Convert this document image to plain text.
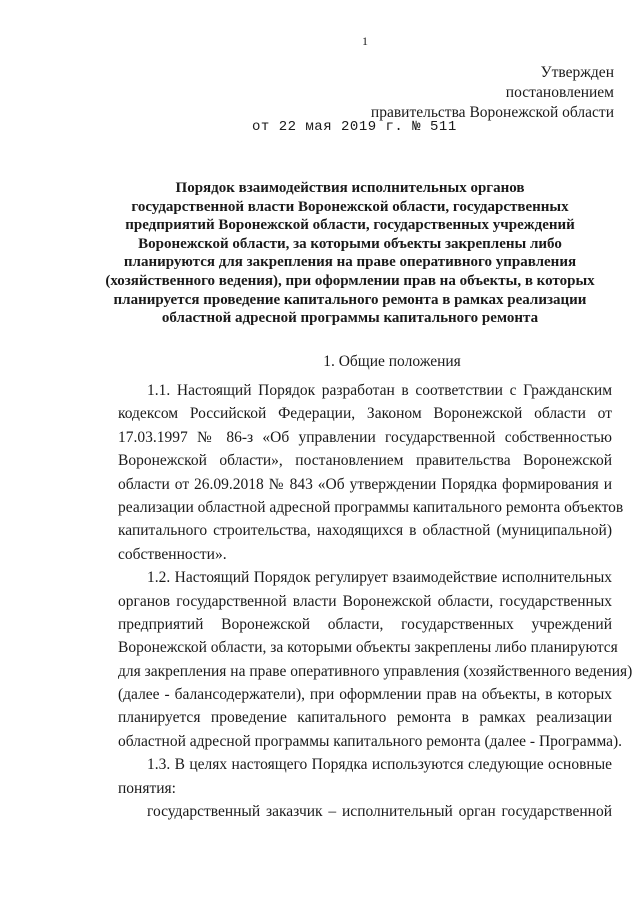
1
Утвержден
постановлением
правительства Воронежской области
от 22 мая 2019 г. № 511
Порядок взаимодействия исполнительных органов
государственной власти Воронежской области, государственных
предприятий Воронежской области, государственных учреждений
Воронежской области, за которыми объекты закреплены либо
планируются для закрепления на праве оперативного управления
(хозяйственного ведения), при оформлении прав на объекты, в которых
планируется проведение капитального ремонта в рамках реализации
областной адресной программы капитального ремонта
1. Общие положения
1.1. Настоящий Порядок разработан в соответствии с Гражданским
кодексом Российской Федерации, Законом Воронежской области от
17.03.1997 № 86-з «Об управлении государственной собственностью
Воронежской области», постановлением правительства Воронежской
области от 26.09.2018 № 843 «Об утверждении Порядка формирования и
реализации областной адресной программы капитального ремонта объектов
капитального строительства, находящихся в областной (муниципальной)
собственности».
1.2. Настоящий Порядок регулирует взаимодействие исполнительных
органов государственной власти Воронежской области, государственных
предприятий Воронежской области, государственных учреждений
Воронежской области, за которыми объекты закреплены либо планируются
для закрепления на праве оперативного управления (хозяйственного ведения)
(далее - балансодержатели), при оформлении прав на объекты, в которых
планируется проведение капитального ремонта в рамках реализации
областной адресной программы капитального ремонта (далее - Программа).
1.3. В целях настоящего Порядка используются следующие основные
понятия:
государственный заказчик – исполнительный орган государственной
